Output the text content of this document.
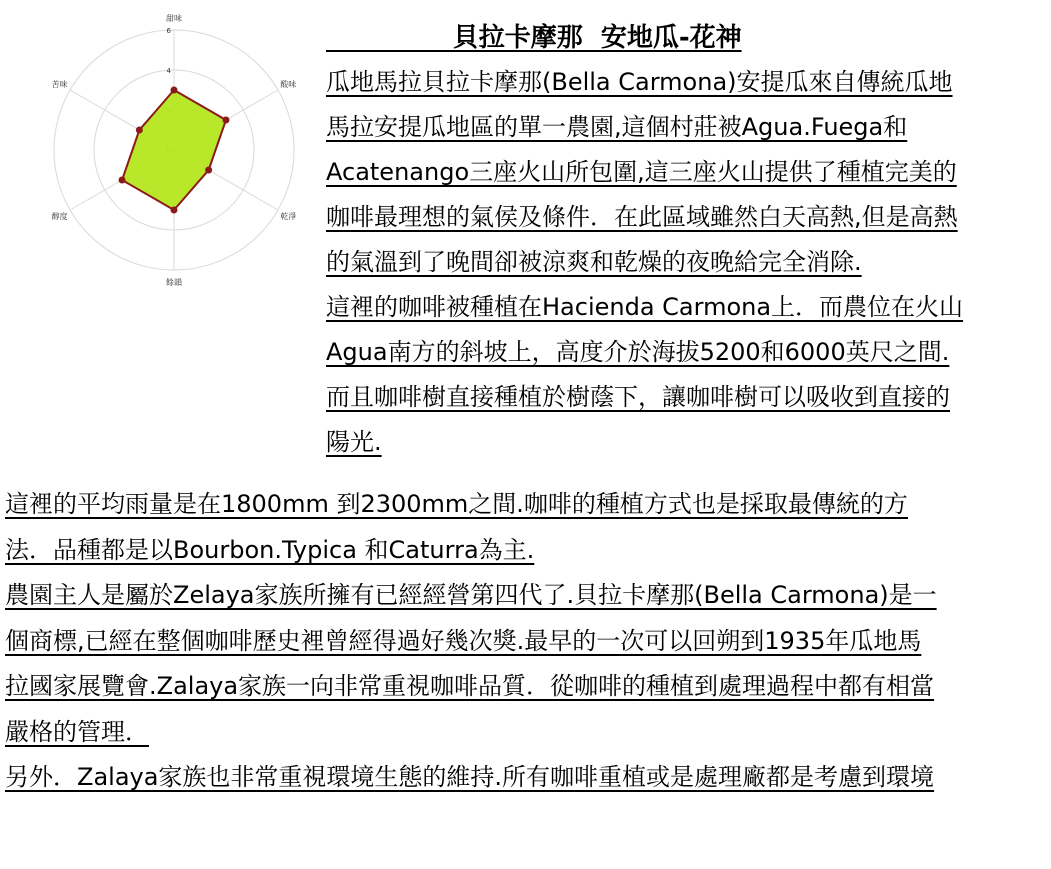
4
6
甜味
酸味
乾淨
餘韻
醇度
苦味
貝拉卡摩那  安地瓜-花神
瓜地馬拉貝拉卡摩那(Bella Carmona)安提瓜來自傳統瓜地
馬拉安提瓜地區的單一農園,這個村莊被Agua.Fuega和
Acatenango三座火山所包圍,這三座火山提供了種植完美的
咖啡最理想的氣侯及條件．在此區域雖然白天高熱,但是高熱
的氣溫到了晚間卻被涼爽和乾燥的夜晚給完全消除.
這裡的咖啡被種植在Hacienda Carmona上．而農位在火山
Agua南方的斜坡上，高度介於海拔5200和6000英尺之間.
而且咖啡樹直接種植於樹蔭下，讓咖啡樹可以吸收到直接的
陽光.
這裡的平均雨量是在1800mm 到2300mm之間.咖啡的種植方式也是採取最傳統的方
法．品種都是以Bourbon.Typica 和Caturra為主.
農園主人是屬於Zelaya家族所擁有已經經營第四代了.貝拉卡摩那(Bella Carmona)是一
個商標,已經在整個咖啡歷史裡曾經得過好幾次獎.最早的一次可以回朔到1935年瓜地馬
拉國家展覽會.Zalaya家族一向非常重視咖啡品質．從咖啡的種植到處理過程中都有相當
嚴格的管理．
另外．Zalaya家族也非常重視環境生態的維持.所有咖啡重植或是處理廠都是考慮到環境
